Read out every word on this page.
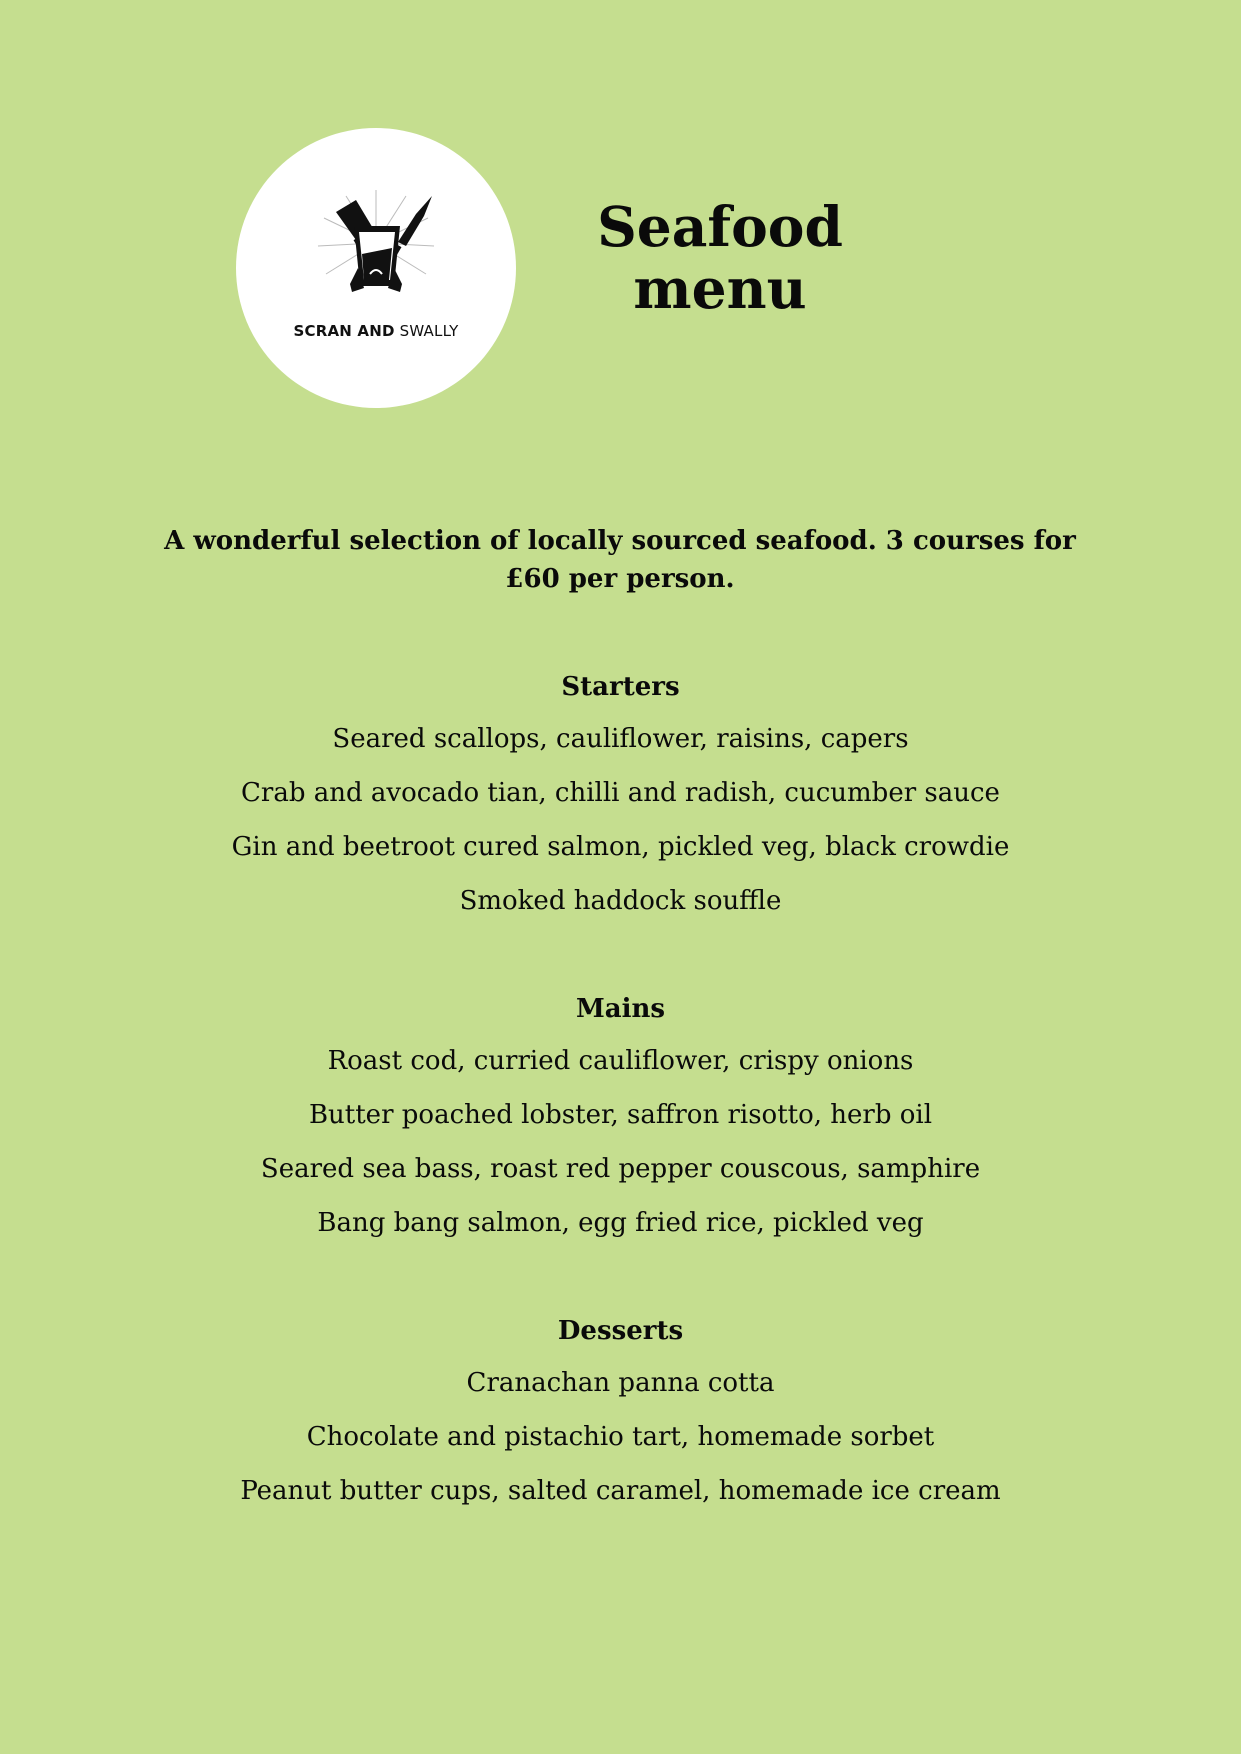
SCRAN AND SWALLY
Seafood
menu

A wonderful selection of locally sourced seafood. 3 courses for £60 per person.

Starters
Seared scallops, cauliflower, raisins, capers
Crab and avocado tian, chilli and radish, cucumber sauce
Gin and beetroot cured salmon, pickled veg, black crowdie
Smoked haddock souffle
Mains
Roast cod, curried cauliflower, crispy onions
Butter poached lobster, saffron risotto, herb oil
Seared sea bass, roast red pepper couscous, samphire
Bang bang salmon, egg fried rice, pickled veg
Desserts
Cranachan panna cotta
Chocolate and pistachio tart, homemade sorbet
Peanut butter cups, salted caramel, homemade ice cream
